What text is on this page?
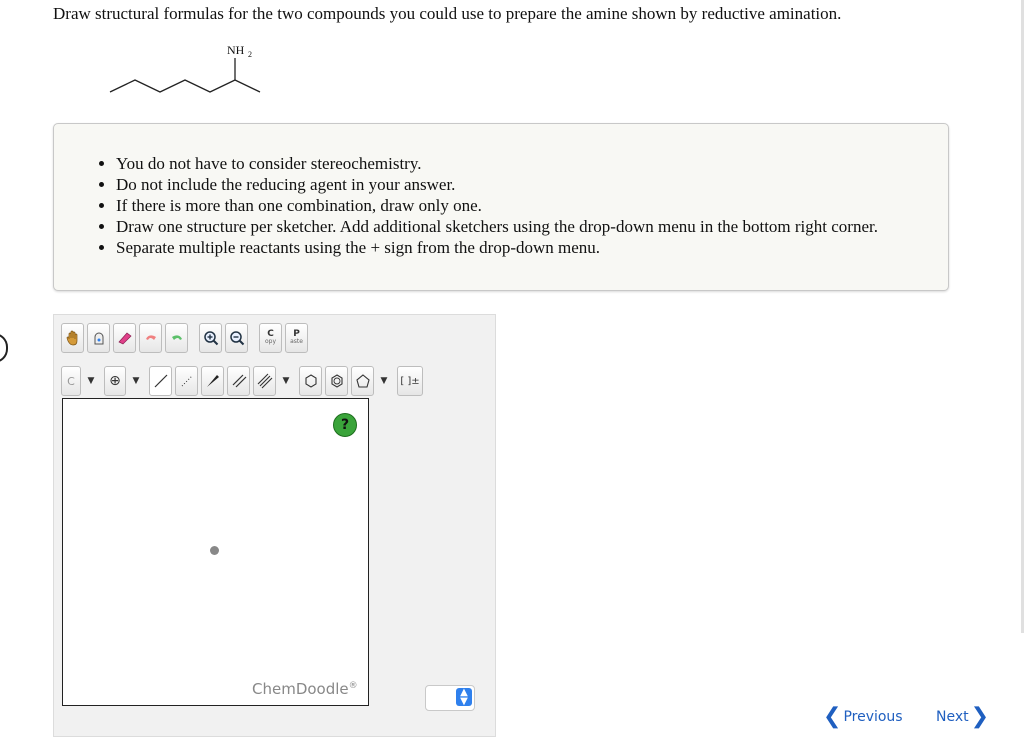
Draw structural formulas for the two compounds you could use to prepare the amine shown by reductive amination.
NH 2
• You do not have to consider stereochemistry.
• Do not include the reducing agent in your answer.
• If there is more than one combination, draw only one.
• Draw one structure per sketcher. Add additional sketchers using the drop-down menu in the bottom right corner.
• Separate multiple reactants using the + sign from the drop-down menu.
C
opy
P
aste
C	▼ ⊕	▼	▼	▼	[ ]±
?
ChemDoodle®
▲
▼
❮ Previous Next ❯
